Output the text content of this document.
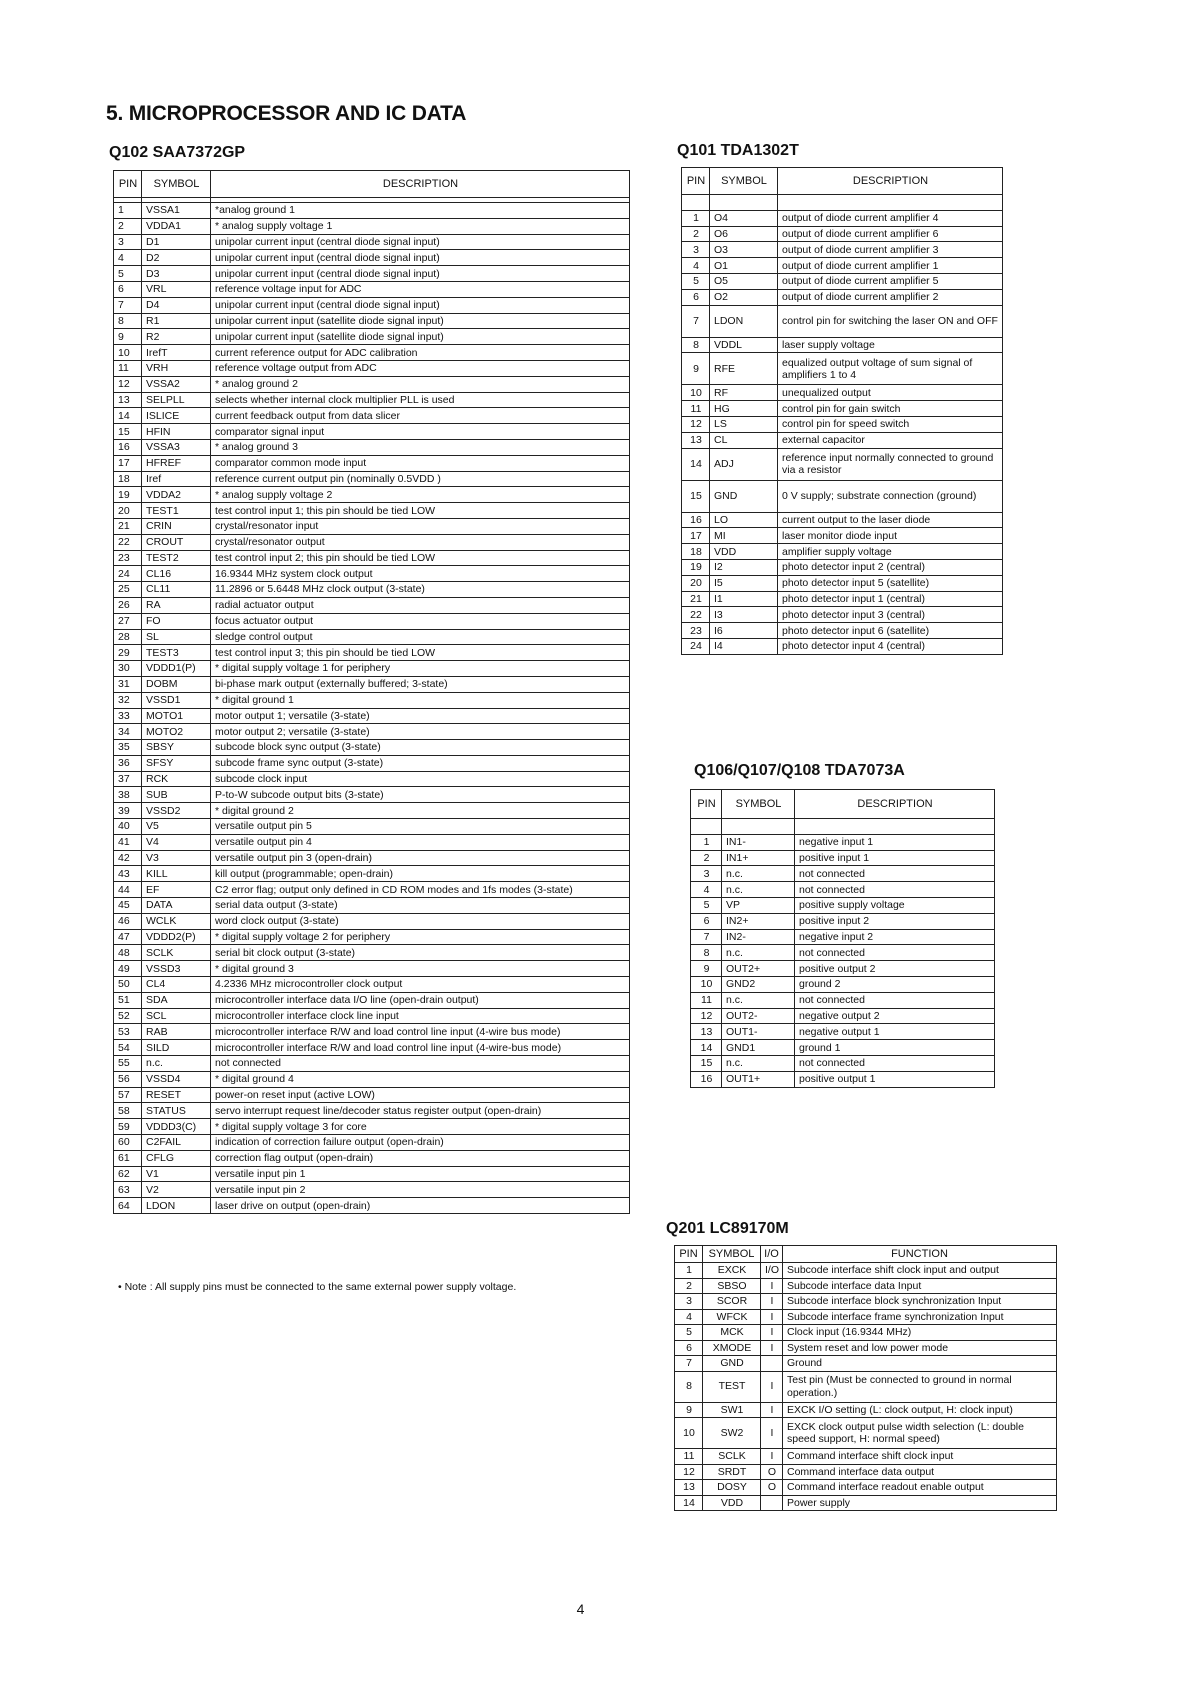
5. MICROPROCESSOR AND IC DATA
Q102 SAA7372GP
PIN	SYMBOL	DESCRIPTION

1	VSSA1	*analog ground 1
2	VDDA1	* analog supply voltage 1
3	D1	unipolar current input (central diode signal input)
4	D2	unipolar current input (central diode signal input)
5	D3	unipolar current input (central diode signal input)
6	VRL	reference voltage input for ADC
7	D4	unipolar current input (central diode signal input)
8	R1	unipolar current input (satellite diode signal input)
9	R2	unipolar current input (satellite diode signal input)
10	IrefT	current reference output for ADC calibration
11	VRH	reference voltage output from ADC
12	VSSA2	* analog ground 2
13	SELPLL	selects whether internal clock multiplier PLL is used
14	ISLICE	current feedback output from data slicer
15	HFIN	comparator signal input
16	VSSA3	* analog ground 3
17	HFREF	comparator common mode input
18	Iref	reference current output pin (nominally 0.5VDD )
19	VDDA2	* analog supply voltage 2
20	TEST1	test control input 1; this pin should be tied LOW
21	CRIN	crystal/resonator input
22	CROUT	crystal/resonator output
23	TEST2	test control input 2; this pin should be tied LOW
24	CL16	16.9344 MHz system clock output
25	CL11	11.2896 or 5.6448 MHz clock output (3-state)
26	RA	radial actuator output
27	FO	focus actuator output
28	SL	sledge control output
29	TEST3	test control input 3; this pin should be tied LOW
30	VDDD1(P)	* digital supply voltage 1 for periphery
31	DOBM	bi-phase mark output (externally buffered; 3-state)
32	VSSD1	* digital ground 1
33	MOTO1	motor output 1; versatile (3-state)
34	MOTO2	motor output 2; versatile (3-state)
35	SBSY	subcode block sync output (3-state)
36	SFSY	subcode frame sync output (3-state)
37	RCK	subcode clock input
38	SUB	P-to-W subcode output bits (3-state)
39	VSSD2	* digital ground 2
40	V5	versatile output pin 5
41	V4	versatile output pin 4
42	V3	versatile output pin 3 (open-drain)
43	KILL	kill output (programmable; open-drain)
44	EF	C2 error flag; output only defined in CD ROM modes and 1fs modes (3-state)
45	DATA	serial data output (3-state)
46	WCLK	word clock output (3-state)
47	VDDD2(P)	* digital supply voltage 2 for periphery
48	SCLK	serial bit clock output (3-state)
49	VSSD3	* digital ground 3
50	CL4	4.2336 MHz microcontroller clock output
51	SDA	microcontroller interface data I/O line (open-drain output)
52	SCL	microcontroller interface clock line input
53	RAB	microcontroller interface R/W and load control line input (4-wire bus mode)
54	SILD	microcontroller interface R/W and load control line input (4-wire-bus mode)
55	n.c.	not connected
56	VSSD4	* digital ground 4
57	RESET	power-on reset input (active LOW)
58	STATUS	servo interrupt request line/decoder status register output (open-drain)
59	VDDD3(C)	* digital supply voltage 3 for core
60	C2FAIL	indication of correction failure output (open-drain)
61	CFLG	correction flag output (open-drain)
62	V1	versatile input pin 1
63	V2	versatile input pin 2
64	LDON	laser drive on output (open-drain)

• Note : All supply pins must be connected to the same external power supply voltage.

Q101 TDA1302T
PIN	SYMBOL	DESCRIPTION

1	O4	output of diode current amplifier 4
2	O6	output of diode current amplifier 6
3	O3	output of diode current amplifier 3
4	O1	output of diode current amplifier 1
5	O5	output of diode current amplifier 5
6	O2	output of diode current amplifier 2
7	LDON	control pin for switching the laser ON and OFF
8	VDDL	laser supply voltage
9	RFE	equalized output voltage of sum signal of amplifiers 1 to 4
10	RF	unequalized output
11	HG	control pin for gain switch
12	LS	control pin for speed switch
13	CL	external capacitor
14	ADJ	reference input normally connected to ground via a resistor
15	GND	0 V supply; substrate connection (ground)
16	LO	current output to the laser diode
17	MI	laser monitor diode input
18	VDD	amplifier supply voltage
19	I2	photo detector input 2 (central)
20	I5	photo detector input 5 (satellite)
21	I1	photo detector input 1 (central)
22	I3	photo detector input 3 (central)
23	I6	photo detector input 6 (satellite)
24	I4	photo detector input 4 (central)
Q106/Q107/Q108 TDA7073A
PIN	SYMBOL	DESCRIPTION

1	IN1-	negative input 1
2	IN1+	positive input 1
3	n.c.	not connected
4	n.c.	not connected
5	VP	positive supply voltage
6	IN2+	positive input 2
7	IN2-	negative input 2
8	n.c.	not connected
9	OUT2+	positive output 2
10	GND2	ground 2
11	n.c.	not connected
12	OUT2-	negative output 2
13	OUT1-	negative output 1
14	GND1	ground 1
15	n.c.	not connected
16	OUT1+	positive output 1
Q201 LC89170M
PIN	SYMBOL	I/O	FUNCTION
1	EXCK	I/O	Subcode interface shift clock input and output
2	SBSO	I	Subcode interface data Input
3	SCOR	I	Subcode interface block synchronization Input
4	WFCK	I	Subcode interface frame synchronization Input
5	MCK	I	Clock input (16.9344 MHz)
6	XMODE	I	System reset and low power mode
7	GND		Ground
8	TEST	I	Test pin (Must be connected to ground in normal operation.)
9	SW1	I	EXCK I/O setting (L: clock output, H: clock input)
10	SW2	I	EXCK clock output pulse width selection (L: double speed support, H: normal speed)
11	SCLK	I	Command interface shift clock input
12	SRDT	O	Command interface data output
13	DOSY	O	Command interface readout enable output
14	VDD		Power supply

4
